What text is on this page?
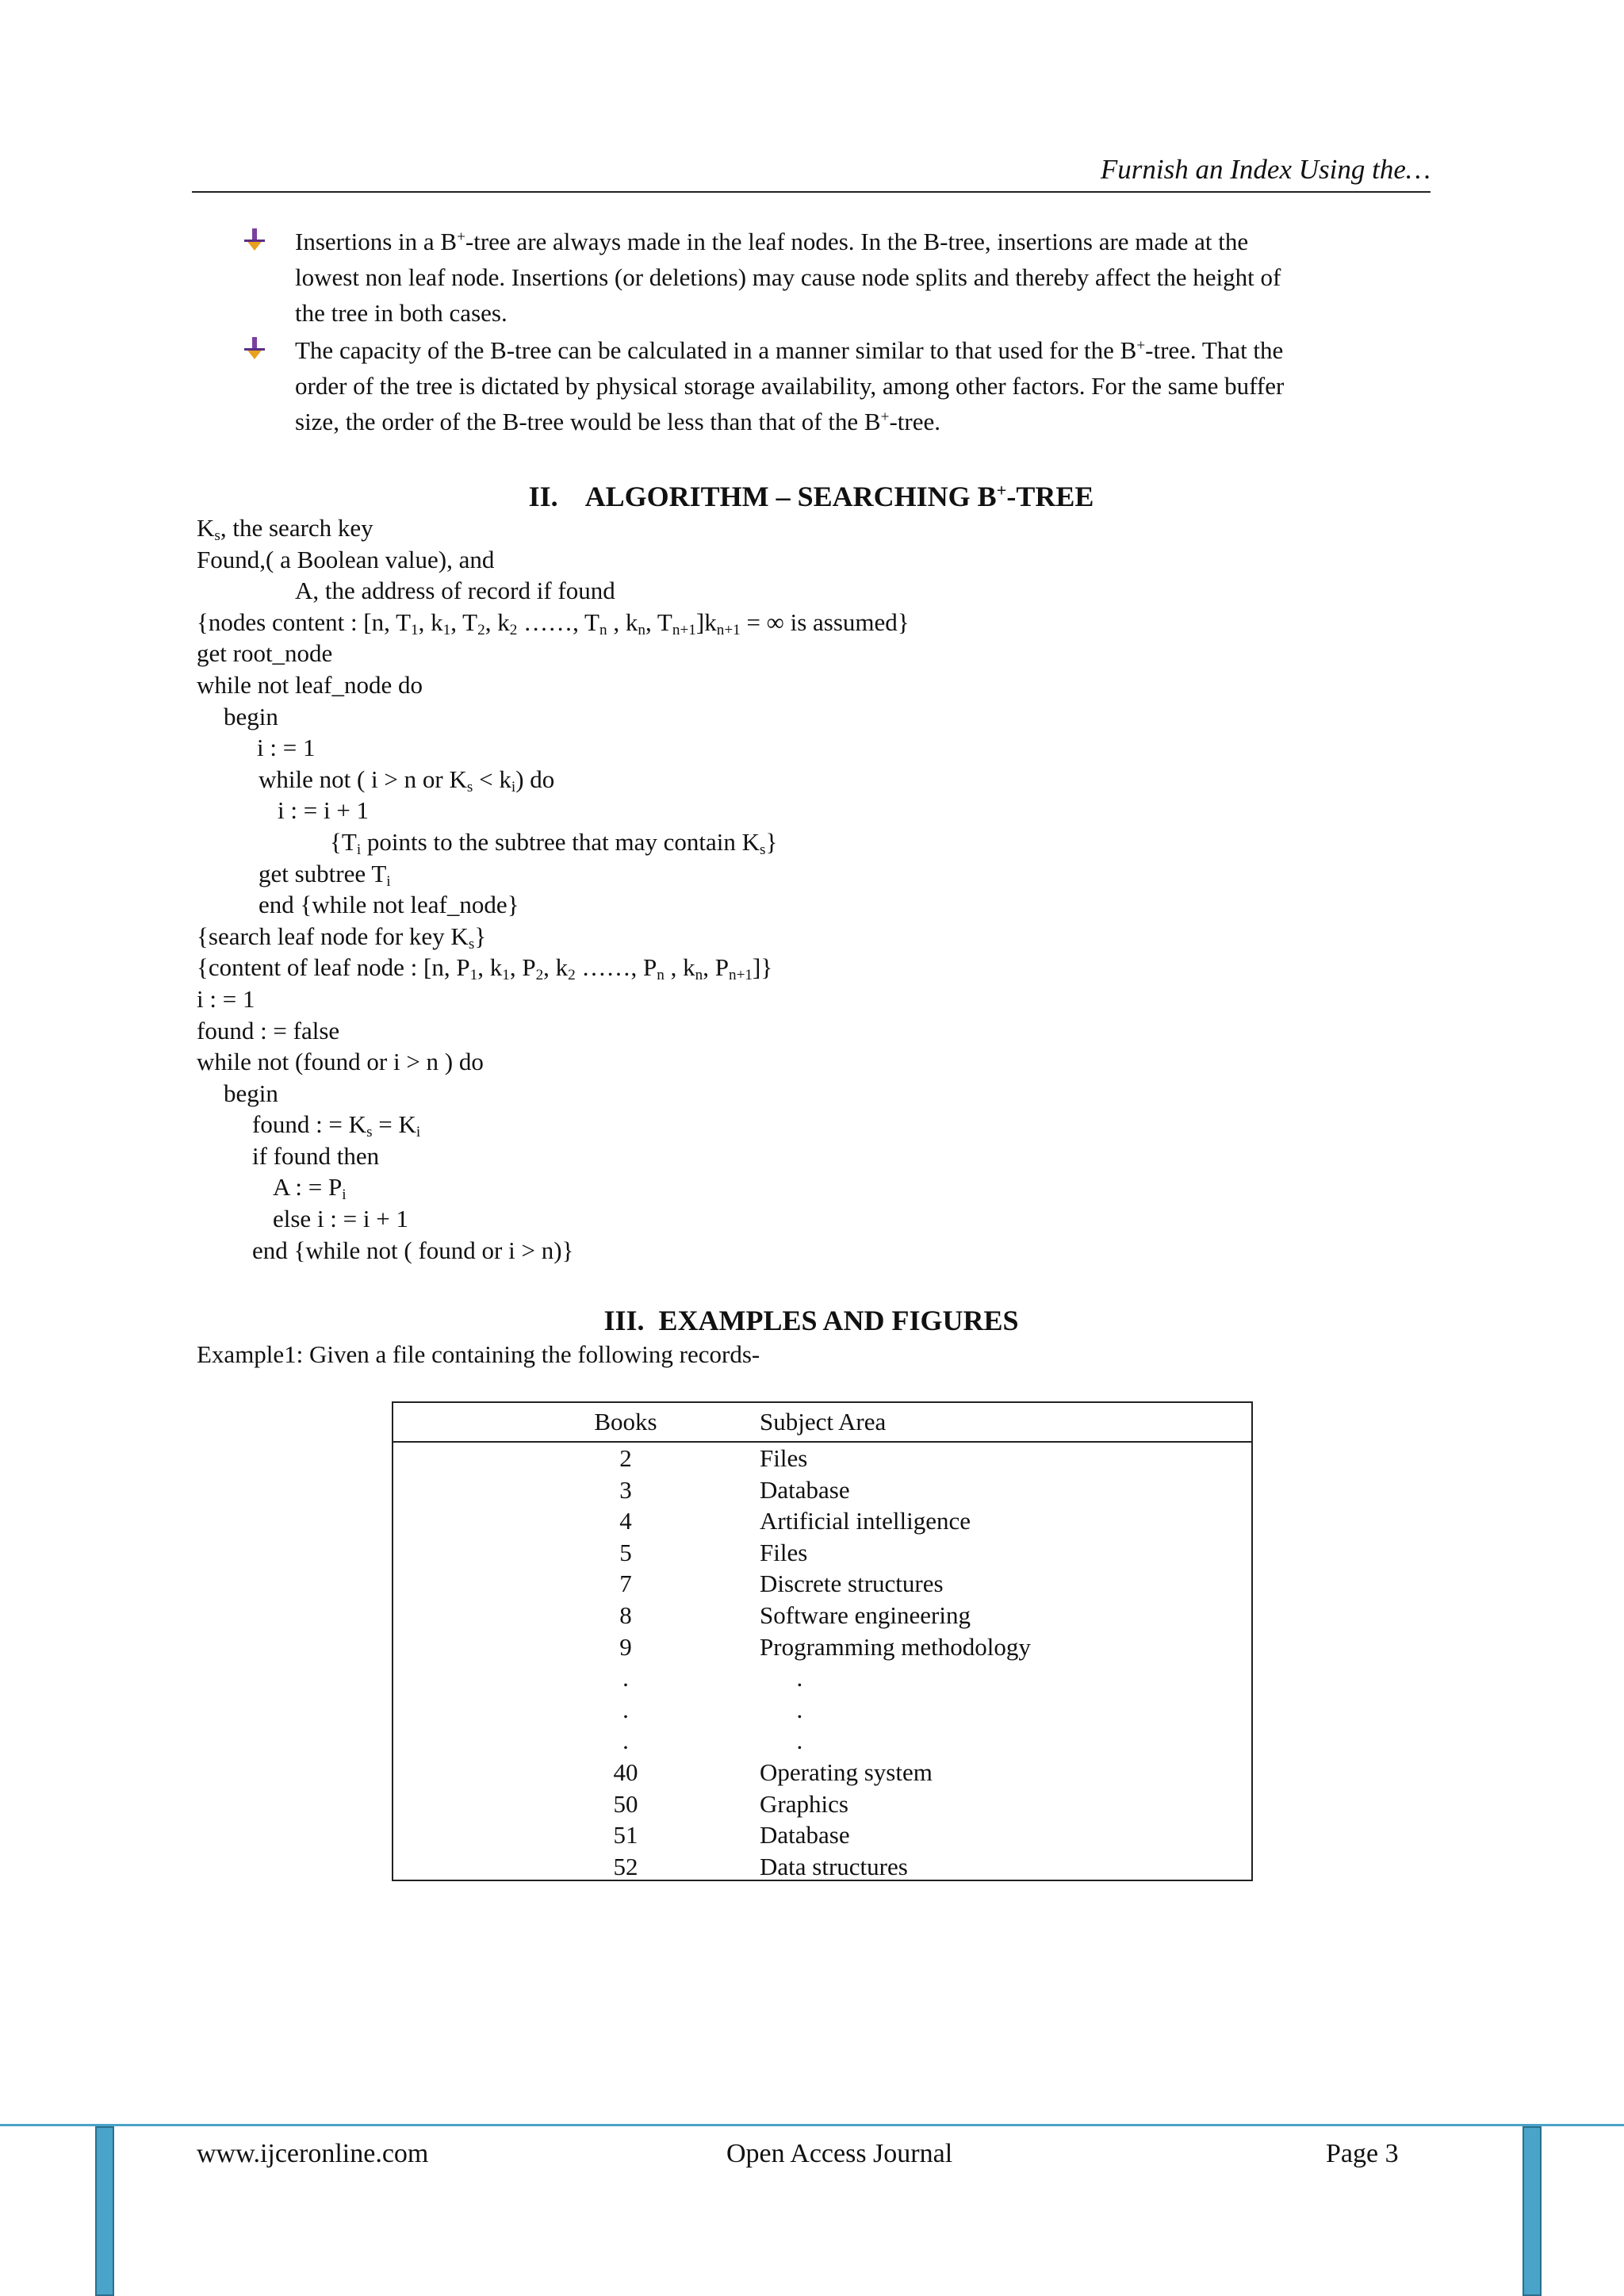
Furnish an Index Using the…
Insertions in a B+-tree are always made in the leaf nodes. In the B-tree, insertions are made at the
lowest non leaf node. Insertions (or deletions) may cause node splits and thereby affect the height of
the tree in both cases.
The capacity of the B-tree can be calculated in a manner similar to that used for the B+-tree. That the
order of the tree is dictated by physical storage availability, among other factors. For the same buffer
size, the order of the B-tree would be less than that of the B+-tree.
II.    ALGORITHM – SEARCHING B+-TREE
$K_s$, the search key
Found,( a Boolean value), and
A, the address of record if found
{nodes content : [n, $T_1$, $k_1$, $T_2$, $k_2$ ……, $T_n$ , $k_n$, $T_{n+1}]k_{n+1}$ = ∞ is assumed}
get root_node
while not leaf_node do
begin
i : = 1
while not ( i > n or $K_s < k_i$) do
i : = i + 1
{$T_i$ points to the subtree that may contain $K_s$}
get subtree $T_i$
end {while not leaf_node}
{search leaf node for key $K_s$}
{content of leaf node : [n, $P_1$, $k_1$, $P_2$, $k_2$ ……, $P_n$ , $k_n$, $P_{n+1}$]}
i : = 1
found : = false
while not (found or i > n ) do
begin
found : = $K_s = K_i$
if found then
A : = $P_i$
else i : = i + 1
end {while not ( found or i > n)}
III.  EXAMPLES AND FIGURES
Example1: Given a file containing the following records-
Books	Subject Area
2	Files
3	Database
4	Artificial intelligence
5	Files
7	Discrete structures
8	Software engineering
9	Programming methodology
.	.
.	.
.	.
40	Operating system
50	Graphics
51	Database
52	Data structures
www.ijceronline.com	Open Access Journal	Page 3
